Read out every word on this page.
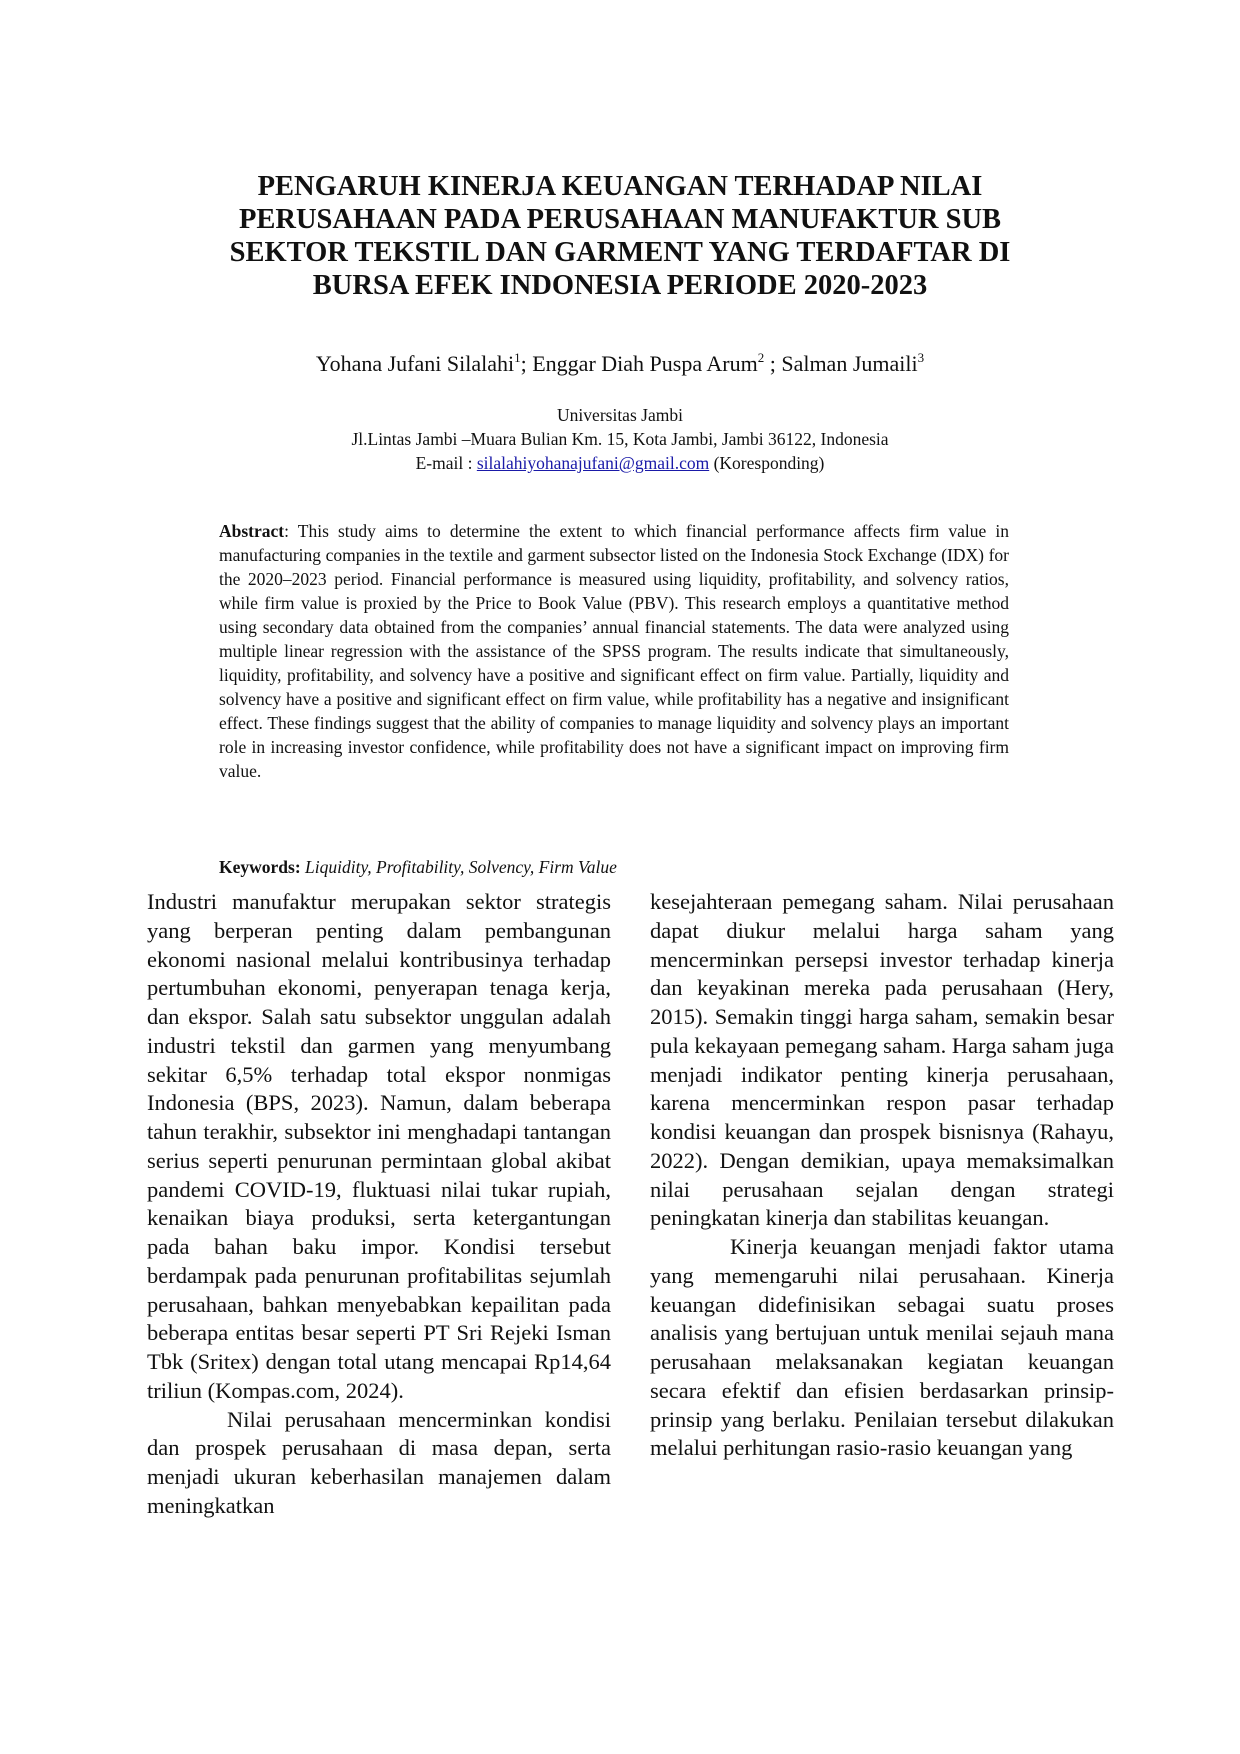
PENGARUH KINERJA KEUANGAN TERHADAP NILAI
PERUSAHAAN PADA PERUSAHAAN MANUFAKTUR SUB
SEKTOR TEKSTIL DAN GARMENT YANG TERDAFTAR DI
BURSA EFEK INDONESIA PERIODE 2020-2023
Yohana Jufani Silalahi$^1$; Enggar Diah Puspa Arum$^2$ ; Salman Jumaili$^3$
Universitas Jambi
Jl.Lintas Jambi –Muara Bulian Km. 15, Kota Jambi, Jambi 36122, Indonesia
E-mail : silalahiyohanajufani@gmail.com (Koresponding)
Abstract: This study aims to determine the extent to which financial performance affects firm value in manufacturing companies in the textile and garment subsector listed on the Indonesia Stock Exchange (IDX) for the 2020–2023 period. Financial performance is measured using liquidity, profitability, and solvency ratios, while firm value is proxied by the Price to Book Value (PBV). This research employs a quantitative method using secondary data obtained from the companies’ annual financial statements. The data were analyzed using multiple linear regression with the assistance of the SPSS program. The results indicate that simultaneously, liquidity, profitability, and solvency have a positive and significant effect on firm value. Partially, liquidity and solvency have a positive and significant effect on firm value, while profitability has a negative and insignificant effect. These findings suggest that the ability of companies to manage liquidity and solvency plays an important role in increasing investor confidence, while profitability does not have a significant impact on improving firm value.
Keywords: Liquidity, Profitability, Solvency, Firm Value

Industri manufaktur merupakan sektor strategis yang berperan penting dalam pembangunan ekonomi nasional melalui kontribusinya terhadap pertumbuhan ekonomi, penyerapan tenaga kerja, dan ekspor. Salah satu subsektor unggulan adalah industri tekstil dan garmen yang menyumbang sekitar 6,5% terhadap total ekspor nonmigas Indonesia (BPS, 2023). Namun, dalam beberapa tahun terakhir, subsektor ini menghadapi tantangan serius seperti penurunan permintaan global akibat pandemi COVID-19, fluktuasi nilai tukar rupiah, kenaikan biaya produksi, serta ketergantungan pada bahan baku impor. Kondisi tersebut berdampak pada penurunan profitabilitas sejumlah perusahaan, bahkan menyebabkan kepailitan pada beberapa entitas besar seperti PT Sri Rejeki Isman Tbk (Sritex) dengan total utang mencapai Rp14,64 triliun (Kompas.com, 2024).

Nilai perusahaan mencerminkan kondisi dan prospek perusahaan di masa depan, serta menjadi ukuran keberhasilan manajemen dalam meningkatkan

kesejahteraan pemegang saham. Nilai perusahaan dapat diukur melalui harga saham yang mencerminkan persepsi investor terhadap kinerja dan keyakinan mereka pada perusahaan (Hery, 2015). Semakin tinggi harga saham, semakin besar pula kekayaan pemegang saham. Harga saham juga menjadi indikator penting kinerja perusahaan, karena mencerminkan respon pasar terhadap kondisi keuangan dan prospek bisnisnya (Rahayu, 2022). Dengan demikian, upaya memaksimalkan nilai perusahaan sejalan dengan strategi peningkatan kinerja dan stabilitas keuangan.

Kinerja keuangan menjadi faktor utama yang memengaruhi nilai perusahaan. Kinerja keuangan didefinisikan sebagai suatu proses analisis yang bertujuan untuk menilai sejauh mana perusahaan melaksanakan kegiatan keuangan secara efektif dan efisien berdasarkan prinsip-prinsip yang berlaku. Penilaian tersebut dilakukan melalui perhitungan rasio-rasio keuangan yang
